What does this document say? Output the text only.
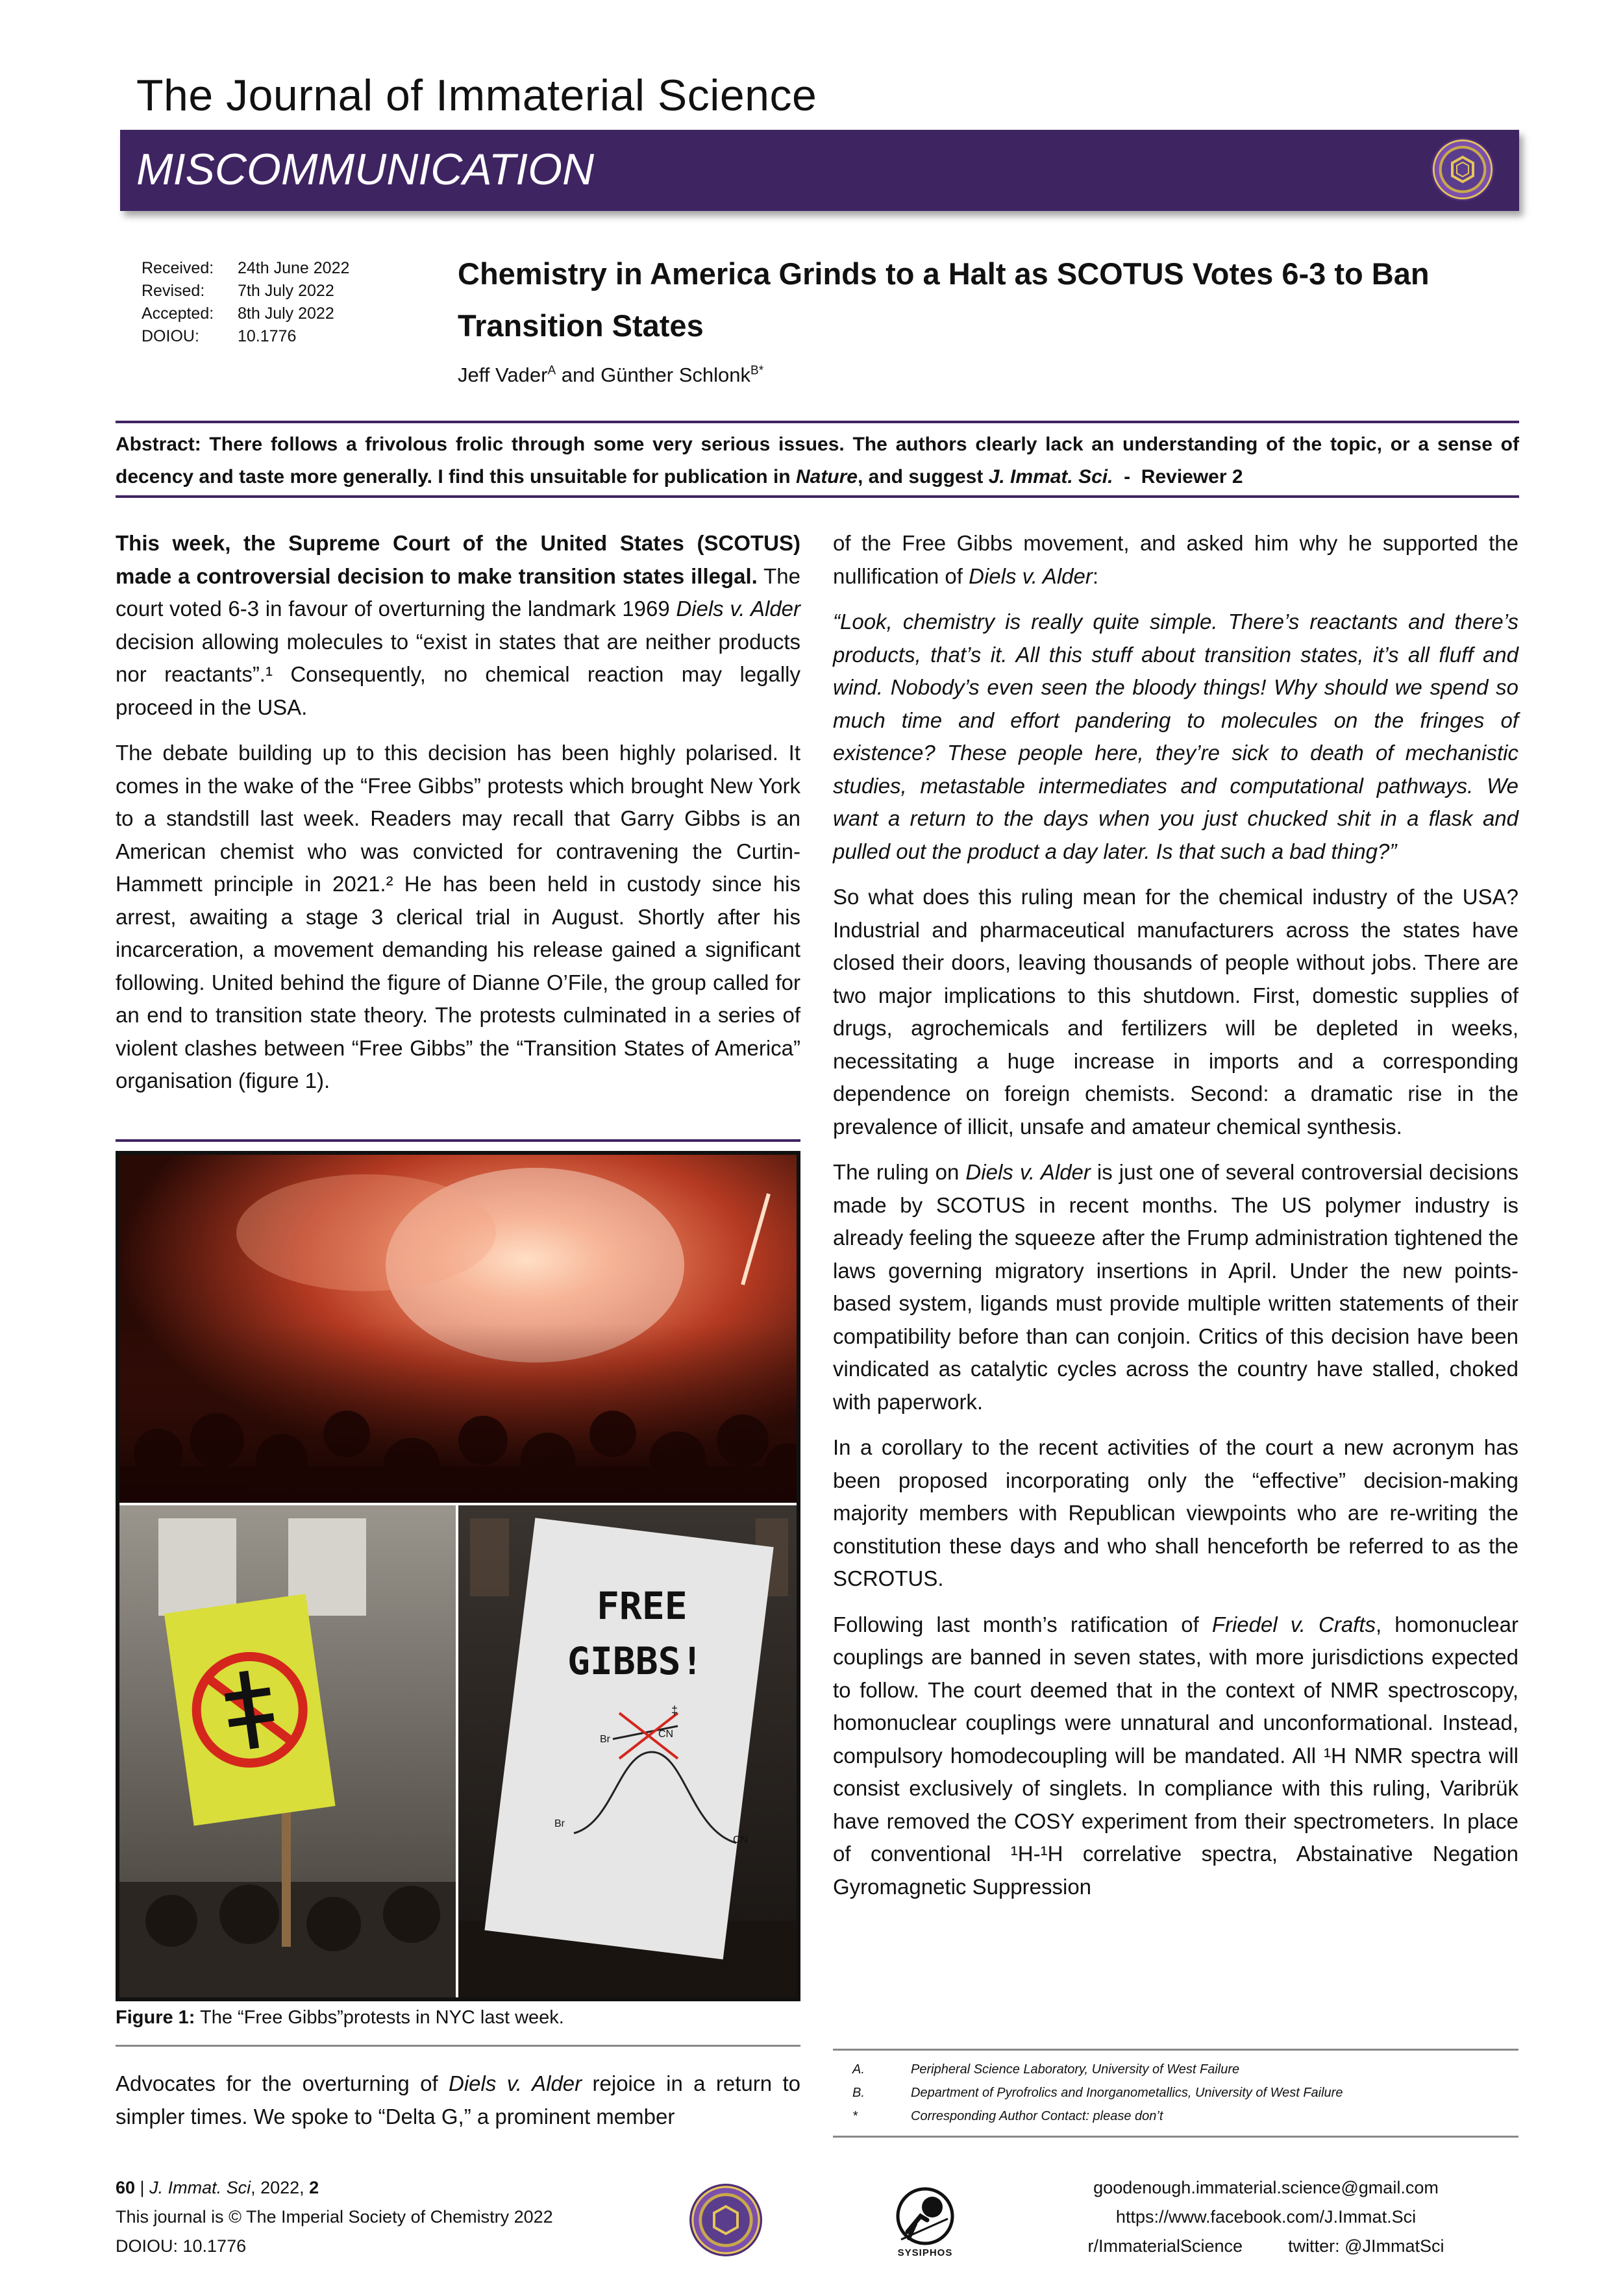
The Journal of Immaterial Science
MISCOMMUNICATION
Received:	24th June 2022
Revised:	7th July 2022
Accepted:	8th July 2022
DOIOU:	10.1776
Chemistry in America Grinds to a Halt as SCOTUS Votes 6-3 to Ban Transition States
Jeff Vader$^A$ and Günther Schlonk$^{B*}$
Abstract: There follows a frivolous frolic through some very serious issues. The authors clearly lack an understanding of the topic, or a sense of decency and taste more generally. I find this unsuitable for publication in Nature, and suggest J. Immat. Sci.  -  Reviewer 2

This week, the Supreme Court of the United States (SCOTUS) made a controversial decision to make transition states illegal. The court voted 6-3 in favour of overturning the landmark 1969 Diels v. Alder decision allowing molecules to “exist in states that are neither products nor reactants”.¹ Consequently, no chemical reaction may legally proceed in the USA.

The debate building up to this decision has been highly polarised. It comes in the wake of the “Free Gibbs” protests which brought New York to a standstill last week. Readers may recall that Garry Gibbs is an American chemist who was convicted for contravening the Curtin-Hammett principle in 2021.² He has been held in custody since his arrest, awaiting a stage 3 clerical trial in August. Shortly after his incarceration, a movement demanding his release gained a significant following. United behind the figure of Dianne O’File, the group called for an end to transition state theory. The protests culminated in a series of violent clashes between “Free Gibbs” the “Transition States of America” organisation (figure 1).

FREE
GIBBS!
Br	CN
‡
Br
CN
Figure 1: The “Free Gibbs”protests in NYC last week.
Advocates for the overturning of Diels v. Alder rejoice in a return to simpler times. We spoke to “Delta G,” a prominent member

of the Free Gibbs movement, and asked him why he supported the nullification of Diels v. Alder:

“Look, chemistry is really quite simple. There’s reactants and there’s products, that’s it. All this stuff about transition states, it’s all fluff and wind. Nobody’s even seen the bloody things! Why should we spend so much time and effort pandering to molecules on the fringes of existence? These people here, they’re sick to death of mechanistic studies, metastable intermediates and computational pathways. We want a return to the days when you just chucked shit in a flask and pulled out the product a day later. Is that such a bad thing?”

So what does this ruling mean for the chemical industry of the USA? Industrial and pharmaceutical manufacturers across the states have closed their doors, leaving thousands of people without jobs. There are two major implications to this shutdown. First, domestic supplies of drugs, agrochemicals and fertilizers will be depleted in weeks, necessitating a huge increase in imports and a corresponding dependence on foreign chemists. Second: a dramatic rise in the prevalence of illicit, unsafe and amateur chemical synthesis.

The ruling on Diels v. Alder is just one of several controversial decisions made by SCOTUS in recent months. The US polymer industry is already feeling the squeeze after the Frump administration tightened the laws governing migratory insertions in April. Under the new points-based system, ligands must provide multiple written statements of their compatibility before than can conjoin. Critics of this decision have been vindicated as catalytic cycles across the country have stalled, choked with paperwork.

In a corollary to the recent activities of the court a new acronym has been proposed incorporating only the “effective” decision-making majority members with Republican viewpoints who are re-writing the constitution these days and who shall henceforth be referred to as the SCROTUS.

Following last month’s ratification of Friedel v. Crafts, homonuclear couplings are banned in seven states, with more jurisdictions expected to follow. The court deemed that in the context of NMR spectroscopy, homonuclear couplings were unnatural and unconformational. Instead, compulsory homodecoupling will be mandated. All ¹H NMR spectra will consist exclusively of singlets. In compliance with this ruling, Varibrük have removed the COSY experiment from their spectrometers. In place of conventional ¹H-¹H correlative spectra, Abstainative Negation Gyromagnetic Suppression

A.	Peripheral Science Laboratory, University of West Failure
B.	Department of Pyrofrolics and Inorganometallics, University of West Failure
*	Corresponding Author Contact: please don’t
60 | J. Immat. Sci, 2022, 2
This journal is © The Imperial Society of Chemistry 2022
DOIOU: 10.1776	SYSIPHOS
goodenough.immaterial.science@gmail.com
https://www.facebook.com/J.Immat.Sci
r/ImmaterialScience	twitter: @JImmatSci
